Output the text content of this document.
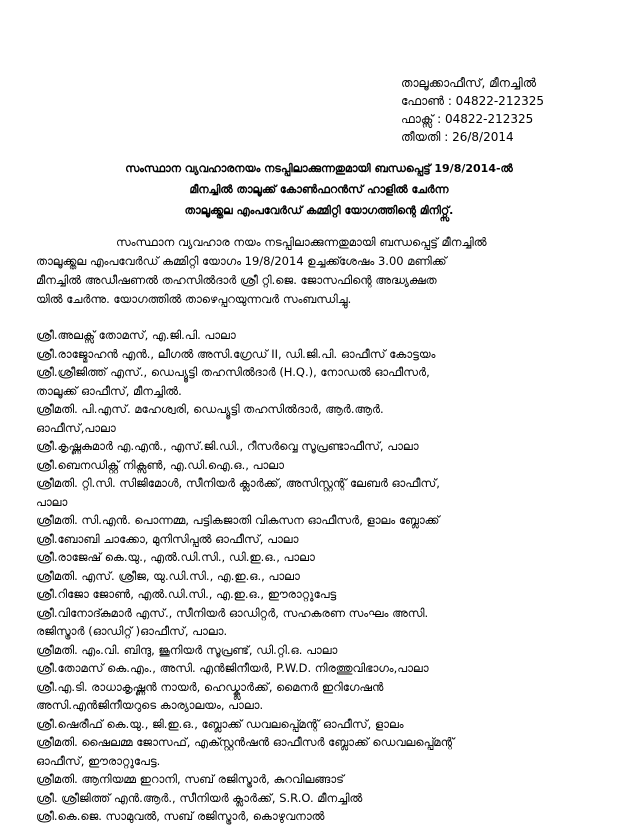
താലൂക്കാഫീസ്, മീനച്ചിൽ
ഫോൺ : 04822-212325
ഫാക്സ് : 04822-212325
തീയതി : 26/8/2014
സംസ്ഥാന വ്യവഹാരനയം നടപ്പിലാക്കുന്നതുമായി ബന്ധപ്പെട്ട് 19/8/2014-ൽ
മീനച്ചിൽ താലൂക്ക് കോൺഫറൻസ് ഹാളിൽ ചേർന്ന
താലൂക്ക്തല എംപവേർഡ് കമ്മിറ്റി യോഗത്തിന്റെ മിനിറ്റ്സ്.
സംസ്ഥാന വ്യവഹാര നയം നടപ്പിലാക്കുന്നതുമായി ബന്ധപ്പെട്ട് മീനച്ചിൽ
താലൂക്ക്തല എംപവേർഡ് കമ്മിറ്റി യോഗം 19/8/2014 ഉച്ചക്ക്ശേഷം 3.00 മണിക്ക്
മീനച്ചിൽ അഡീഷണൽ തഹസിൽദാർ ശ്രീ റ്റി.ജെ. ജോസഫിന്റെ അദ്ധ്യക്ഷത
യിൽ ചേർന്നു. യോഗത്തിൽ താഴെപ്പറയുന്നവർ സംബന്ധിച്ചു.
ശ്രീ.അലക്സ് തോമസ്, എ.ജി.പി. പാലാ
ശ്രീ.രാജ്മോഹൻ എൻ., ലീഗൽ അസി.ഗ്രേഡ് II, ഡി.ജി.പി. ഓഫീസ് കോട്ടയം
ശ്രീ.ശ്രീജിത്ത് എസ്., ഡെപ്യൂട്ടി തഹസിൽദാർ (H.Q.), നോഡൽ ഓഫീസർ,
താലൂക്ക് ഓഫീസ്, മീനച്ചിൽ.
ശ്രീമതി. പി.എസ്. മഹേശ്വരി, ഡെപ്യൂട്ടി തഹസിൽദാർ, ആർ.ആർ.
ഓഫീസ്,പാലാ
ശ്രീ.കൃഷ്ണകുമാർ എ.എൻ., എസ്.ജി.ഡി., റീസർവ്വെ സൂപ്രണ്ടാഫീസ്, പാലാ
ശ്രീ.ബെനഡിക്റ്റ് നിക്സൺ, എ.ഡി.ഐ.ഒ., പാലാ
ശ്രീമതി. റ്റി.സി. സിജിമോൾ, സീനിയർ ക്ലാർക്ക്, അസിസ്റ്റന്റ് ലേബർ ഓഫീസ്,
പാലാ
ശ്രീമതി. സി.എൻ. പൊന്നമ്മ, പട്ടികജാതി വികസന ഓഫീസർ, ളാലം ബ്ലോക്ക്
ശ്രീ.ബോബി ചാക്കോ, മുനിസിപ്പൽ ഓഫീസ്, പാലാ
ശ്രീ.രാജേഷ് കെ.യു., എൽ.ഡി.സി., ഡി.ഇ.ഒ., പാലാ
ശ്രീമതി. എസ്. ശ്രീജ, യു.ഡി.സി., എ.ഇ.ഒ., പാലാ
ശ്രീ.റിജോ ജോൺ, എൽ.ഡി.സി., എ.ഇ.ഒ., ഈരാറ്റുപേട്ട
ശ്രീ.വിനോദ്കുമാർ എസ്., സീനിയർ ഓഡിറ്റർ, സഹകരണ സംഘം അസി.
രജിസ്ട്രാർ (ഓഡിറ്റ് )ഓഫീസ്, പാലാ.
ശ്രീമതി. എം.വി. ബിന്ദു, ജൂനിയർ സൂപ്രണ്ട്, ഡി.റ്റി.ഒ. പാലാ
ശ്രീ.തോമസ് കെ.എം., അസി. എൻജിനീയർ, P.W.D. നിരത്തുവിഭാഗം,പാലാ
ശ്രീ.എ.ടി. രാധാകൃഷ്ണൻ നായർ, ഹെഡ്ക്ലാർക്ക്, മൈനർ ഇറിഗേഷൻ
അസി.എൻജിനീയറുടെ കാര്യാലയം, പാലാ.
ശ്രീ.ഷെരീഫ് കെ.യു., ജി.ഇ.ഒ., ബ്ലോക്ക് ഡവലപ്പ്മെന്റ് ഓഫീസ്, ളാലം
ശ്രീമതി. ഷൈലമ്മ ജോസഫ്, എക്സ്റ്റൻഷൻ ഓഫീസർ ബ്ലോക്ക് ഡെവലപ്പ്മെന്റ്
ഓഫീസ്, ഈരാറ്റുപേട്ട.
ശ്രീമതി. ആനിയമ്മ ഇറാനി, സബ് രജിസ്ട്രാർ, കുറവിലങ്ങാട്
ശ്രീ. ശ്രീജിത്ത് എൻ.ആർ., സീനിയർ ക്ലാർക്ക്, S.R.O. മീനച്ചിൽ
ശ്രീ.കെ.ജെ. സാമുവൽ, സബ് രജിസ്ട്രാർ, കൊഴുവനാൽ
